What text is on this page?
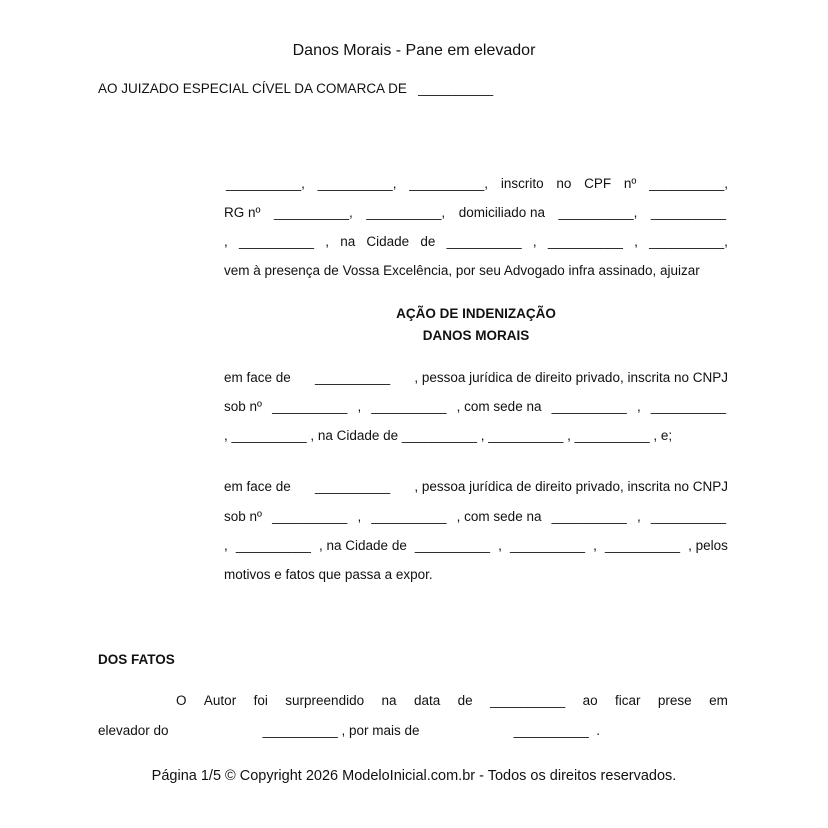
Danos Morais - Pane em elevador
AO JUIZADO ESPECIAL CÍVEL DA COMARCA DE   __________
__________, __________, __________, inscrito no CPF nº __________,
RG nº __________, __________, domiciliado na __________, __________
, __________ , na Cidade de __________ , __________ , __________,
vem à presença de Vossa Excelência, por seu Advogado infra assinado, ajuizar
AÇÃO DE INDENIZAÇÃO
DANOS MORAIS
em face de __________ , pessoa jurídica de direito privado, inscrita no CNPJ
sob nº __________ , __________ , com sede na __________ , __________
, __________ , na Cidade de __________ , __________ , __________ , e;
em face de __________ , pessoa jurídica de direito privado, inscrita no CNPJ
sob nº __________ , __________ , com sede na __________ , __________
, __________ , na Cidade de __________ , __________ , __________ , pelos
motivos e fatos que passa a expor.
DOS FATOS
O Autor foi surpreendido na data de __________ ao ficar prese em
elevador do	__________ , por mais de	__________  .
Página 1/5 © Copyright 2026 ModeloInicial.com.br - Todos os direitos reservados.
